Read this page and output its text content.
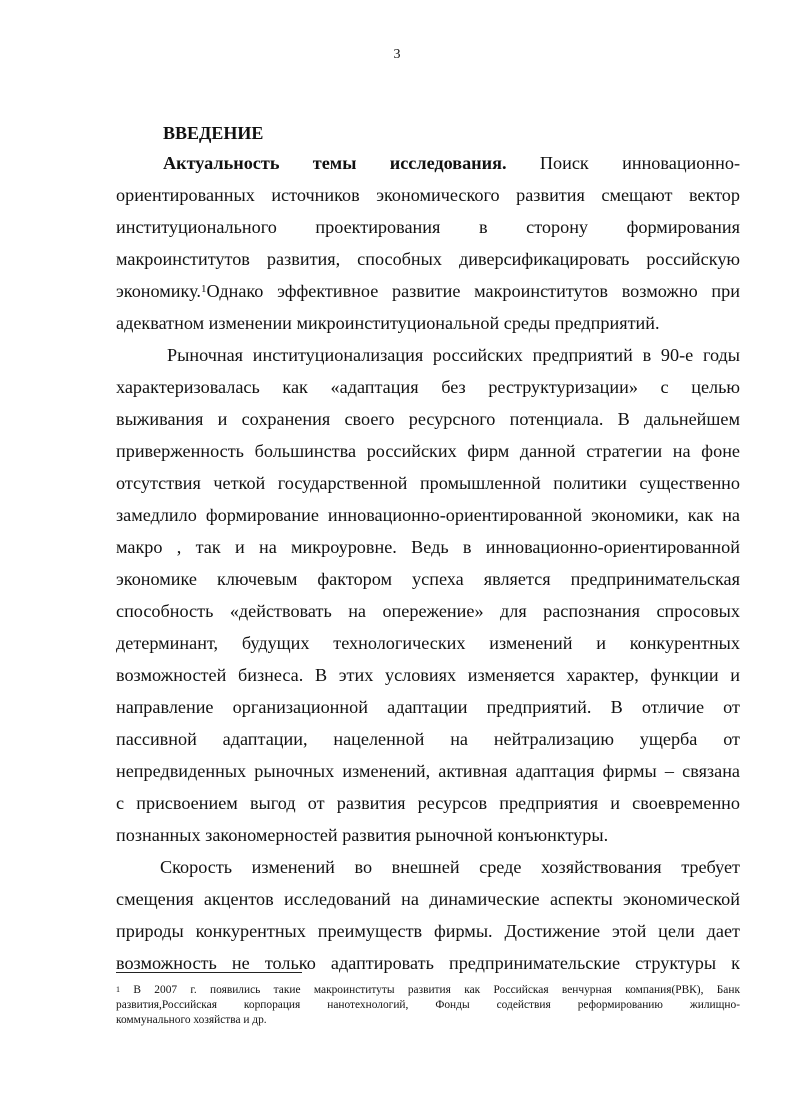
3
ВВЕДЕНИЕ
Актуальность темы исследования. Поиск инновационно-
ориентированных источников экономического развития смещают вектор
институционального проектирования в сторону формирования
макроинститутов развития, способных диверсификацировать российскую
экономику.$^1$Однако эффективное развитие макроинститутов возможно при
адекватном изменении микроинституциональной среды предприятий.
Рыночная институционализация российских предприятий в 90-е годы
характеризовалась как «адаптация без реструктуризации» с целью
выживания и сохранения своего ресурсного потенциала. В дальнейшем
приверженность большинства российских фирм данной стратегии на фоне
отсутствия четкой государственной промышленной политики существенно
замедлило формирование инновационно-ориентированной экономики, как на
макро , так и на микроуровне. Ведь в инновационно-ориентированной
экономике ключевым фактором успеха является предпринимательская
способность «действовать на опережение» для распознания спросовых
детерминант, будущих технологических изменений и конкурентных
возможностей бизнеса. В этих условиях изменяется характер, функции и
направление организационной адаптации предприятий. В отличие от
пассивной адаптации, нацеленной на нейтрализацию ущерба от
непредвиденных рыночных изменений, активная адаптация фирмы – связана
с присвоением выгод от развития ресурсов предприятия и своевременно
познанных закономерностей развития рыночной конъюнктуры.
Скорость изменений во внешней среде хозяйствования требует
смещения акцентов исследований на динамические аспекты экономической
природы конкурентных преимуществ фирмы. Достижение этой цели дает
возможность не только адаптировать предпринимательские структуры к
$^1$ В 2007 г. появились такие макроинституты развития как Российская венчурная компания(РВК), Банк
развития,Российская корпорация нанотехнологий, Фонды содействия реформированию жилищно-
коммунального хозяйства и др.
